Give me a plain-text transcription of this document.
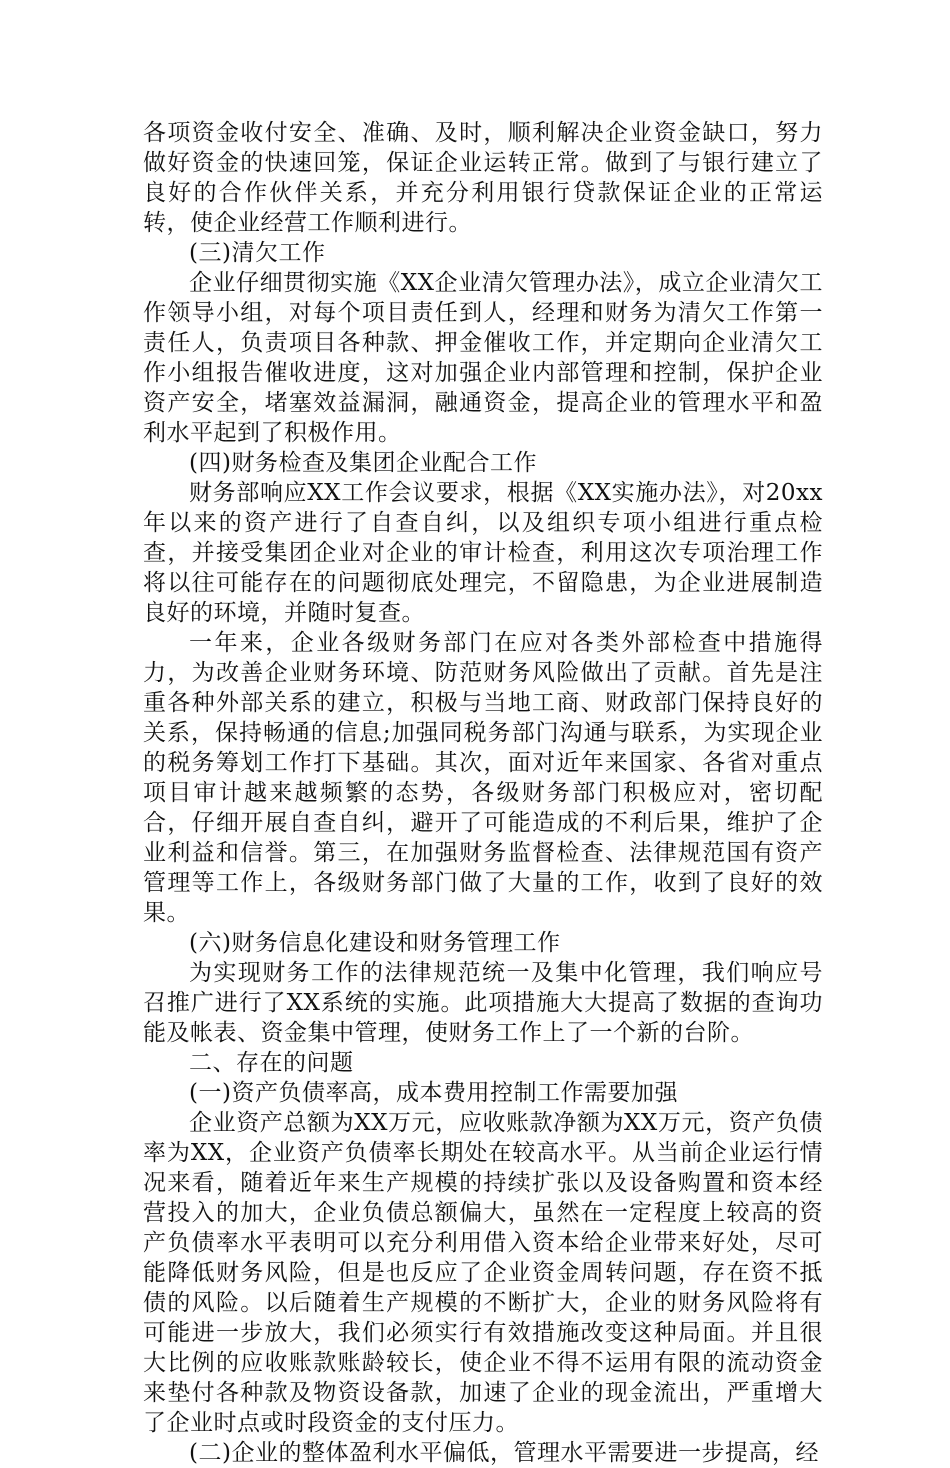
各项资金收付安全、准确、及时，顺利解决企业资金缺口，努力做好资金的快速回笼，保证企业运转正常。做到了与银行建立了良好的合作伙伴关系，并充分利用银行贷款保证企业的正常运转，使企业经营工作顺利进行。

(三)清欠工作

企业仔细贯彻实施《XX企业清欠管理办法》，成立企业清欠工作领导小组，对每个项目责任到人，经理和财务为清欠工作第一责任人，负责项目各种款、押金催收工作，并定期向企业清欠工作小组报告催收进度，这对加强企业内部管理和控制，保护企业资产安全，堵塞效益漏洞，融通资金，提高企业的管理水平和盈利水平起到了积极作用。

(四)财务检查及集团企业配合工作

财务部响应XX工作会议要求，根据《XX实施办法》，对20xx年以来的资产进行了自查自纠，以及组织专项小组进行重点检查，并接受集团企业对企业的审计检查，利用这次专项治理工作将以往可能存在的问题彻底处理完，不留隐患，为企业进展制造良好的环境，并随时复查。

一年来，企业各级财务部门在应对各类外部检查中措施得力，为改善企业财务环境、防范财务风险做出了贡献。首先是注重各种外部关系的建立，积极与当地工商、财政部门保持良好的关系，保持畅通的信息;加强同税务部门沟通与联系，为实现企业的税务筹划工作打下基础。其次，面对近年来国家、各省对重点项目审计越来越频繁的态势，各级财务部门积极应对，密切配合，仔细开展自查自纠，避开了可能造成的不利后果，维护了企业利益和信誉。第三，在加强财务监督检查、法律规范国有资产管理等工作上，各级财务部门做了大量的工作，收到了良好的效果。

(六)财务信息化建设和财务管理工作

为实现财务工作的法律规范统一及集中化管理，我们响应号召推广进行了XX系统的实施。此项措施大大提高了数据的查询功能及帐表、资金集中管理，使财务工作上了一个新的台阶。

二、存在的问题

(一)资产负债率高，成本费用控制工作需要加强

企业资产总额为XX万元，应收账款净额为XX万元，资产负债率为XX，企业资产负债率长期处在较高水平。从当前企业运行情况来看，随着近年来生产规模的持续扩张以及设备购置和资本经营投入的加大，企业负债总额偏大，虽然在一定程度上较高的资产负债率水平表明可以充分利用借入资本给企业带来好处，尽可能降低财务风险，但是也反应了企业资金周转问题，存在资不抵债的风险。以后随着生产规模的不断扩大，企业的财务风险将有可能进一步放大，我们必须实行有效措施改变这种局面。并且很大比例的应收账款账龄较长，使企业不得不运用有限的流动资金来垫付各种款及物资设备款，加速了企业的现金流出，严重增大了企业时点或时段资金的支付压力。

(二)企业的整体盈利水平偏低，管理水平需要进一步提高，经
